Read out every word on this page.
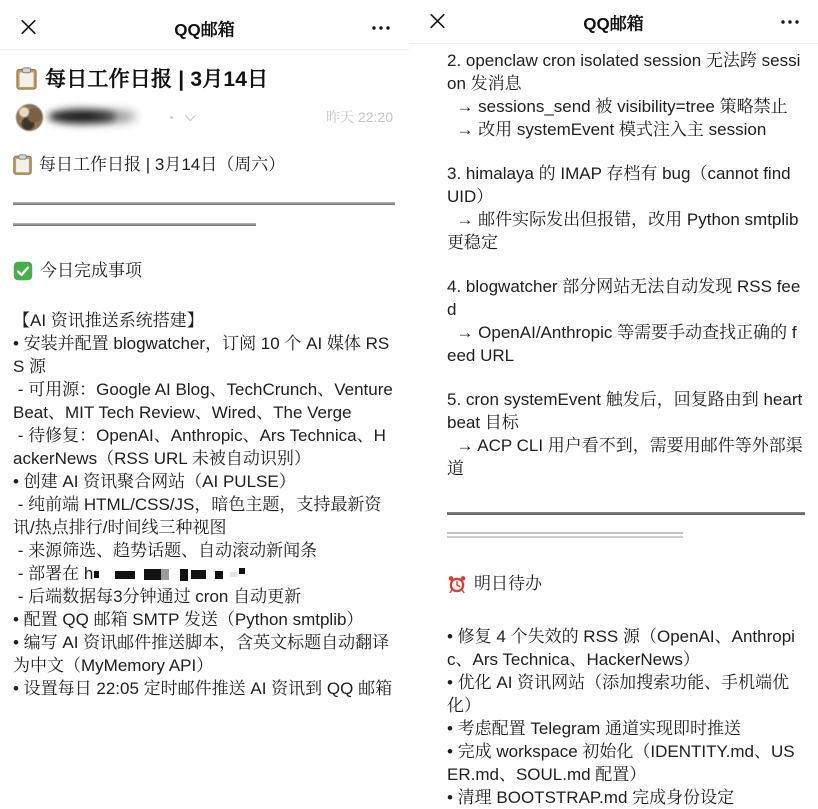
QQ邮箱
每日工作日报 | 3月14日
昨天 22:20

每日工作日报 | 3月14日（周六）

今日完成事项

【AI 资讯推送系统搭建】

• 安装并配置 blogwatcher，订阅 10 个 AI 媒体 RSS 源

- 可用源：Google AI Blog、TechCrunch、VentureBeat、MIT Tech Review、Wired、The Verge

- 待修复：OpenAI、Anthropic、Ars Technica、HackerNews（RSS URL 未被自动识别）

• 创建 AI 资讯聚合网站（AI PULSE）

- 纯前端 HTML/CSS/JS，暗色主题，支持最新资讯/热点排行/时间线三种视图

- 来源筛选、趋势话题、自动滚动新闻条

- 部署在 h

- 后端数据每3分钟通过 cron 自动更新

• 配置 QQ 邮箱 SMTP 发送（Python smtplib）

• 编写 AI 资讯邮件推送脚本，含英文标题自动翻译为中文（MyMemory API）

• 设置每日 22:05 定时邮件推送 AI 资讯到 QQ 邮箱

QQ邮箱

2. openclaw cron isolated session 无法跨 session 发消息

→ sessions_send 被 visibility=tree 策略禁止

→ 改用 systemEvent 模式注入主 session

3. himalaya 的 IMAP 存档有 bug（cannot find UID）

→ 邮件实际发出但报错，改用 Python smtplib 更稳定

4. blogwatcher 部分网站无法自动发现 RSS feed

→ OpenAI/Anthropic 等需要手动查找正确的 feed URL

5. cron systemEvent 触发后，回复路由到 heartbeat 目标

→ ACP CLI 用户看不到，需要用邮件等外部渠道

明日待办

• 修复 4 个失效的 RSS 源（OpenAI、Anthropic、Ars Technica、HackerNews）

• 优化 AI 资讯网站（添加搜索功能、手机端优化）

• 考虑配置 Telegram 通道实现即时推送

• 完成 workspace 初始化（IDENTITY.md、USER.md、SOUL.md 配置）

• 清理 BOOTSTRAP.md 完成身份设定
